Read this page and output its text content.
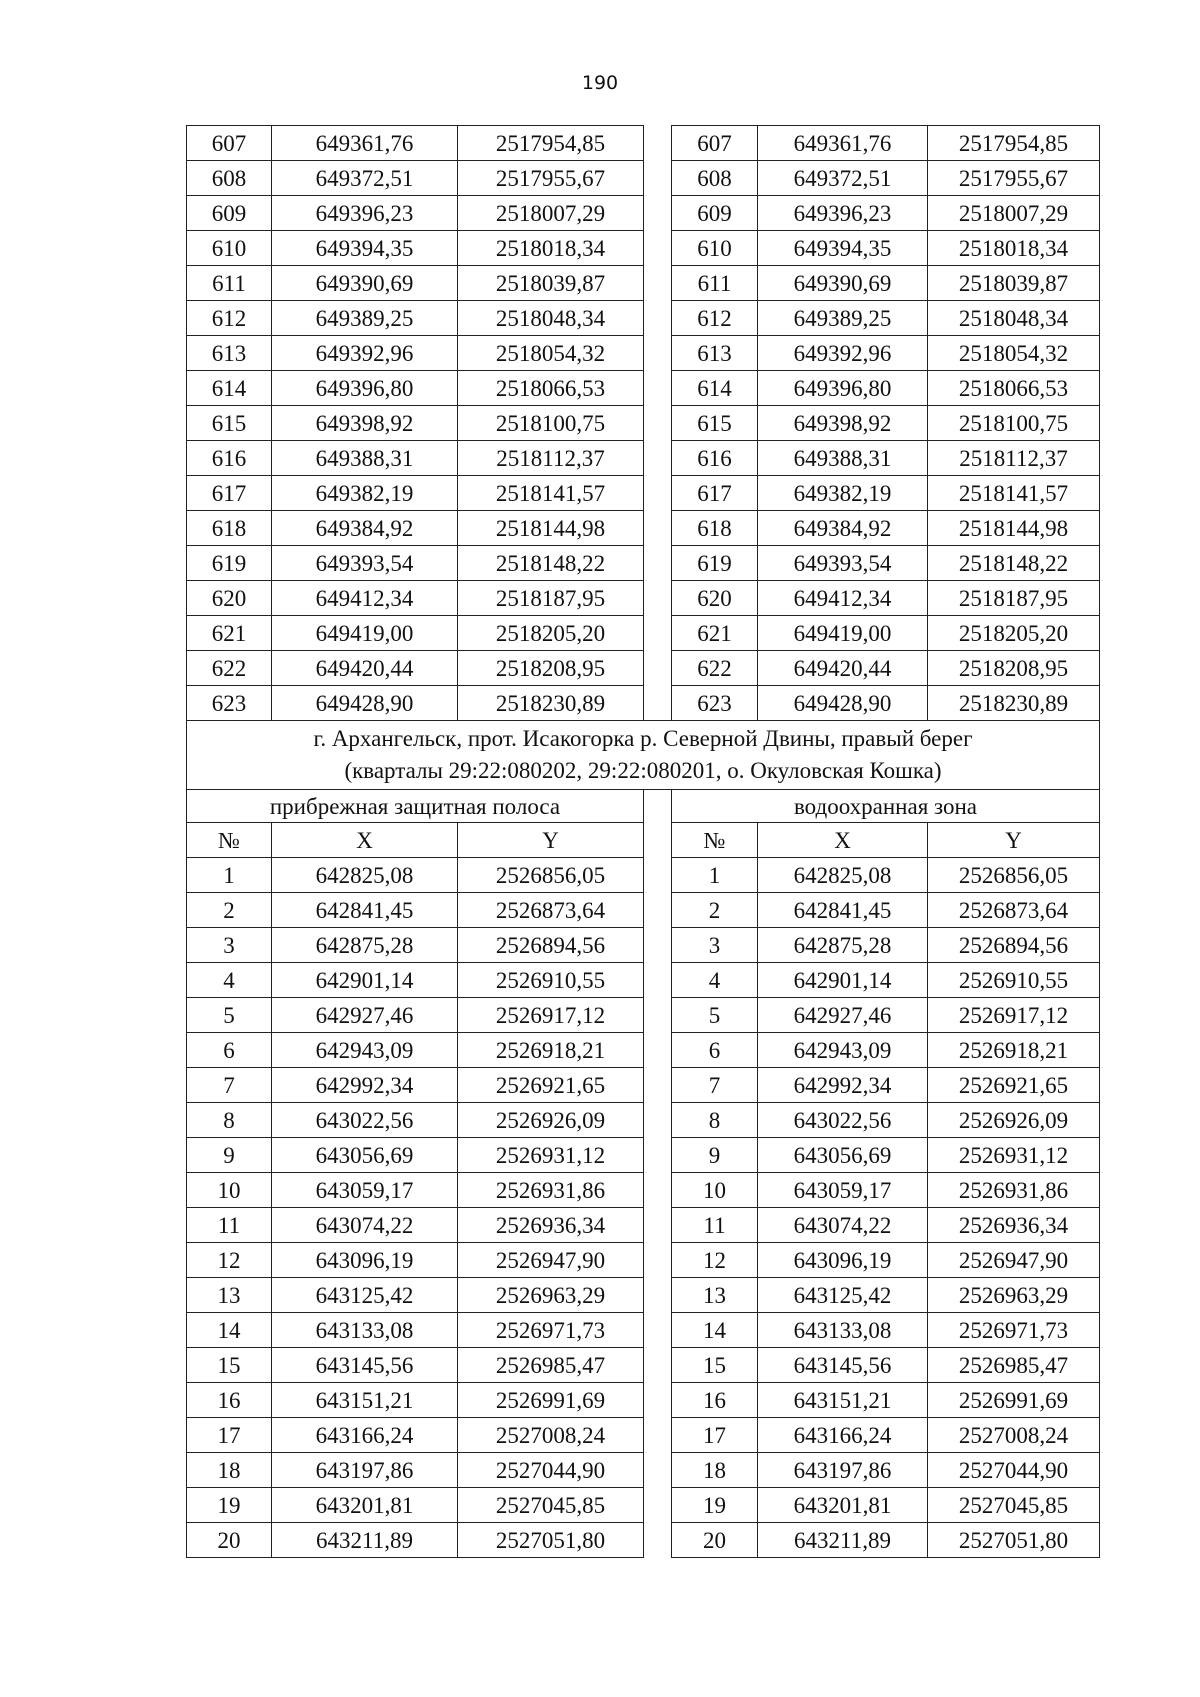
190
607	649361,76	2517954,85		607	649361,76	2517954,85
608	649372,51	2517955,67		608	649372,51	2517955,67
609	649396,23	2518007,29		609	649396,23	2518007,29
610	649394,35	2518018,34		610	649394,35	2518018,34
611	649390,69	2518039,87		611	649390,69	2518039,87
612	649389,25	2518048,34		612	649389,25	2518048,34
613	649392,96	2518054,32		613	649392,96	2518054,32
614	649396,80	2518066,53		614	649396,80	2518066,53
615	649398,92	2518100,75		615	649398,92	2518100,75
616	649388,31	2518112,37		616	649388,31	2518112,37
617	649382,19	2518141,57		617	649382,19	2518141,57
618	649384,92	2518144,98		618	649384,92	2518144,98
619	649393,54	2518148,22		619	649393,54	2518148,22
620	649412,34	2518187,95		620	649412,34	2518187,95
621	649419,00	2518205,20		621	649419,00	2518205,20
622	649420,44	2518208,95		622	649420,44	2518208,95
623	649428,90	2518230,89		623	649428,90	2518230,89
г. Архангельск, прот. Исакогорка р. Северной Двины, правый берег
(кварталы 29:22:080202, 29:22:080201, о. Окуловская Кошка)						
прибрежная защитная полоса				водоохранная зона		
№	X	Y		№	X	Y
1	642825,08	2526856,05		1	642825,08	2526856,05
2	642841,45	2526873,64		2	642841,45	2526873,64
3	642875,28	2526894,56		3	642875,28	2526894,56
4	642901,14	2526910,55		4	642901,14	2526910,55
5	642927,46	2526917,12		5	642927,46	2526917,12
6	642943,09	2526918,21		6	642943,09	2526918,21
7	642992,34	2526921,65		7	642992,34	2526921,65
8	643022,56	2526926,09		8	643022,56	2526926,09
9	643056,69	2526931,12		9	643056,69	2526931,12
10	643059,17	2526931,86		10	643059,17	2526931,86
11	643074,22	2526936,34		11	643074,22	2526936,34
12	643096,19	2526947,90		12	643096,19	2526947,90
13	643125,42	2526963,29		13	643125,42	2526963,29
14	643133,08	2526971,73		14	643133,08	2526971,73
15	643145,56	2526985,47		15	643145,56	2526985,47
16	643151,21	2526991,69		16	643151,21	2526991,69
17	643166,24	2527008,24		17	643166,24	2527008,24
18	643197,86	2527044,90		18	643197,86	2527044,90
19	643201,81	2527045,85		19	643201,81	2527045,85
20	643211,89	2527051,80		20	643211,89	2527051,80
